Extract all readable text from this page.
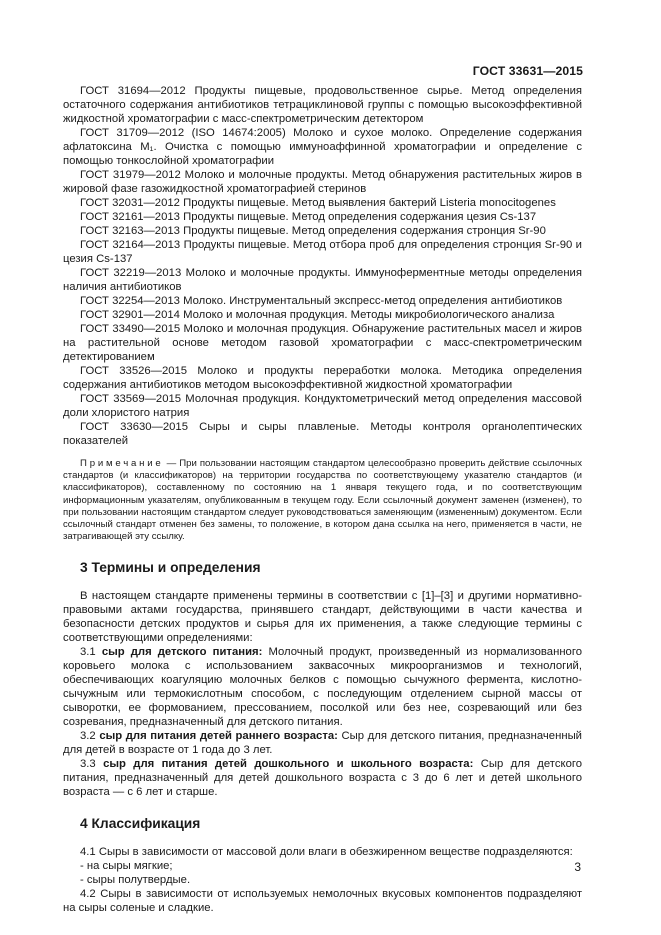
ГОСТ 33631—2015

ГОСТ 31694—2012 Продукты пищевые, продовольственное сырье. Метод определения остаточного содержания антибиотиков тетрациклиновой группы с помощью высокоэффективной жидкостной хроматографии с масс-спектрометрическим детектором

ГОСТ 31709—2012 (ISO 14674:2005) Молоко и сухое молоко. Определение содержания афлатоксина M₁. Очистка с помощью иммуноаффинной хроматографии и определение с помощью тонкослойной хроматографии

ГОСТ 31979—2012 Молоко и молочные продукты. Метод обнаружения растительных жиров в жировой фазе газожидкостной хроматографией стеринов

ГОСТ 32031—2012 Продукты пищевые. Метод выявления бактерий Listeria monocitogenes

ГОСТ 32161—2013 Продукты пищевые. Метод определения содержания цезия Cs-137

ГОСТ 32163—2013 Продукты пищевые. Метод определения содержания стронция Sr-90

ГОСТ 32164—2013 Продукты пищевые. Метод отбора проб для определения стронция Sr-90 и цезия Cs-137

ГОСТ 32219—2013 Молоко и молочные продукты. Иммуноферментные методы определения наличия антибиотиков

ГОСТ 32254—2013 Молоко. Инструментальный экспресс-метод определения антибиотиков

ГОСТ 32901—2014 Молоко и молочная продукция. Методы микробиологического анализа

ГОСТ 33490—2015 Молоко и молочная продукция. Обнаружение растительных масел и жиров на растительной основе методом газовой хроматографии с масс-спектрометрическим детектированием

ГОСТ 33526—2015 Молоко и продукты переработки молока. Методика определения содержания антибиотиков методом высокоэффективной жидкостной хроматографии

ГОСТ 33569—2015 Молочная продукция. Кондуктометрический метод определения массовой доли хлористого натрия

ГОСТ 33630—2015 Сыры и сыры плавленые. Методы контроля органолептических показателей

Примечание — При пользовании настоящим стандартом целесообразно проверить действие ссылочных стандартов (и классификаторов) на территории государства по соответствующему указателю стандартов (и классификаторов), составленному по состоянию на 1 января текущего года, и по соответствующим информационным указателям, опубликованным в текущем году. Если ссылочный документ заменен (изменен), то при пользовании настоящим стандартом следует руководствоваться заменяющим (измененным) документом. Если ссылочный стандарт отменен без замены, то положение, в котором дана ссылка на него, применяется в части, не затрагивающей эту ссылку.

3 Термины и определения

В настоящем стандарте применены термины в соответствии с [1]–[3] и другими нормативно-правовыми актами государства, принявшего стандарт, действующими в части качества и безопасности детских продуктов и сырья для их применения, а также следующие термины с соответствующими определениями:

3.1 сыр для детского питания: Молочный продукт, произведенный из нормализованного коровьего молока с использованием заквасочных микроорганизмов и технологий, обеспечивающих коагуляцию молочных белков с помощью сычужного фермента, кислотно-сычужным или термокислотным способом, с последующим отделением сырной массы от сыворотки, ее формованием, прессованием, посолкой или без нее, созревающий или без созревания, предназначенный для детского питания.

3.2 сыр для питания детей раннего возраста: Сыр для детского питания, предназначенный для детей в возрасте от 1 года до 3 лет.

3.3 сыр для питания детей дошкольного и школьного возраста: Сыр для детского питания, предназначенный для детей дошкольного возраста с 3 до 6 лет и детей школьного возраста — с 6 лет и старше.

4 Классификация

4.1 Сыры в зависимости от массовой доли влаги в обезжиренном веществе подразделяются:

- на сыры мягкие;

- сыры полутвердые.

4.2 Сыры в зависимости от используемых немолочных вкусовых компонентов подразделяют на сыры соленые и сладкие.

3
